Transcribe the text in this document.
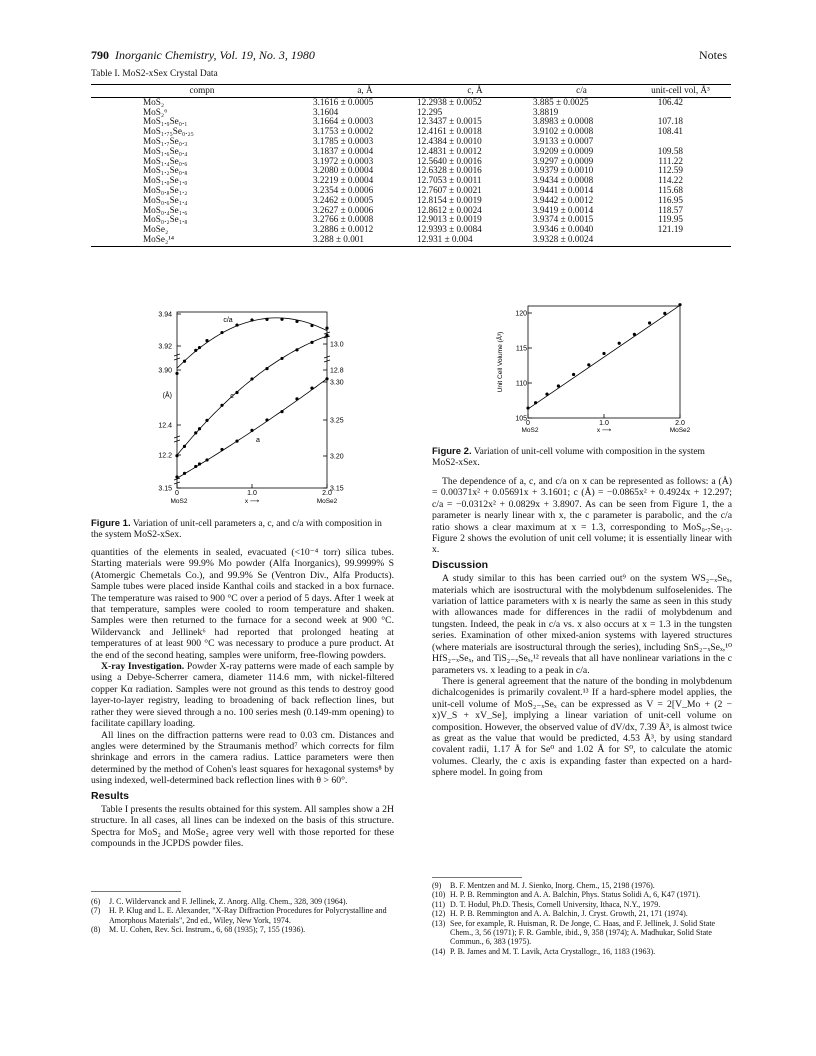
790 Inorganic Chemistry, Vol. 19, No. 3, 1980	Notes
Table I. MoS2-xSex Crystal Data
compn	a, Å	c, Å	c/a	unit-cell vol, Å³
MoS₂	3.1616 ± 0.0005	12.2938 ± 0.0052	3.885 ± 0.0025	106.42
MoS₂⁶	3.1604	12.295	3.8819	
MoS₁.₉Se₀.₁	3.1664 ± 0.0003	12.3437 ± 0.0015	3.8983 ± 0.0008	107.18
MoS₁.₇₅Se₀.₂₅	3.1753 ± 0.0002	12.4161 ± 0.0018	3.9102 ± 0.0008	108.41
MoS₁.₇Se₀.₃	3.1785 ± 0.0003	12.4384 ± 0.0010	3.9133 ± 0.0007	
MoS₁.₆Se₀.₄	3.1837 ± 0.0004	12.4831 ± 0.0012	3.9209 ± 0.0009	109.58
MoS₁.₄Se₀.₆	3.1972 ± 0.0003	12.5640 ± 0.0016	3.9297 ± 0.0009	111.22
MoS₁.₂Se₀.₈	3.2080 ± 0.0004	12.6328 ± 0.0016	3.9379 ± 0.0010	112.59
MoS₁.₀Se₁.₀	3.2219 ± 0.0004	12.7053 ± 0.0011	3.9434 ± 0.0008	114.22
MoS₀.₈Se₁.₂	3.2354 ± 0.0006	12.7607 ± 0.0021	3.9441 ± 0.0014	115.68
MoS₀.₆Se₁.₄	3.2462 ± 0.0005	12.8154 ± 0.0019	3.9442 ± 0.0012	116.95
MoS₀.₄Se₁.₆	3.2627 ± 0.0006	12.8612 ± 0.0024	3.9419 ± 0.0014	118.57
MoS₀.₂Se₁.₈	3.2766 ± 0.0008	12.9013 ± 0.0019	3.9374 ± 0.0015	119.95
MoSe₂	3.2886 ± 0.0012	12.9393 ± 0.0084	3.9346 ± 0.0040	121.19
MoSe₂¹⁴	3.288 ± 0.001	12.931 ± 0.004	3.9328 ± 0.0024	
3.94
3.92
3.90
(Å)
12.4
12.2
3.15
13.0
12.8
3.30
3.25
3.20
3.15
0	1.0	2.0
MoS2	x ⟶	MoSe2
c/a
c
a
Figure 1. Variation of unit-cell parameters a, c, and c/a with composition in the system MoS2-xSex.
120
115
110
105
Unit Cell Volume (Å³)
0	1.0	2.0
MoS2	x ⟶	MoSe2
Figure 2. Variation of unit-cell volume with composition in the system MoS2-xSex.

quantities of the elements in sealed, evacuated (<10⁻⁴ torr) silica tubes. Starting materials were 99.9% Mo powder (Alfa Inorganics), 99.9999% S (Atomergic Chemetals Co.), and 99.9% Se (Ventron Div., Alfa Products). Sample tubes were placed inside Kanthal coils and stacked in a box furnace. The temperature was raised to 900 °C over a period of 5 days. After 1 week at that temperature, samples were cooled to room temperature and shaken. Samples were then returned to the furnace for a second week at 900 °C. Wildervanck and Jellinek⁶ had reported that prolonged heating at temperatures of at least 900 °C was necessary to produce a pure product. At the end of the second heating, samples were uniform, free-flowing powders.

X-ray Investigation. Powder X-ray patterns were made of each sample by using a Debye-Scherrer camera, diameter 114.6 mm, with nickel-filtered copper Kα radiation. Samples were not ground as this tends to destroy good layer-to-layer registry, leading to broadening of back reflection lines, but rather they were sieved through a no. 100 series mesh (0.149-mm opening) to facilitate capillary loading.

All lines on the diffraction patterns were read to 0.03 cm. Distances and angles were determined by the Straumanis method⁷ which corrects for film shrinkage and errors in the camera radius. Lattice parameters were then determined by the method of Cohen's least squares for hexagonal systems⁸ by using indexed, well-determined back reflection lines with θ > 60°.

Results

Table I presents the results obtained for this system. All samples show a 2H structure. In all cases, all lines can be indexed on the basis of this structure. Spectra for MoS₂ and MoSe₂ agree very well with those reported for these compounds in the JCPDS powder files.

The dependence of a, c, and c/a on x can be represented as follows: a (Å) = 0.00371x² + 0.05691x + 3.1601; c (Å) = −0.0865x² + 0.4924x + 12.297; c/a = −0.0312x² + 0.0829x + 3.8907. As can be seen from Figure 1, the a parameter is nearly linear with x, the c parameter is parabolic, and the c/a ratio shows a clear maximum at x = 1.3, corresponding to MoS₀.₇Se₁.₃. Figure 2 shows the evolution of unit cell volume; it is essentially linear with x.

Discussion

A study similar to this has been carried out⁹ on the system WS₂₋ₓSeₓ, materials which are isostructural with the molybdenum sulfoselenides. The variation of lattice parameters with x is nearly the same as seen in this study with allowances made for differences in the radii of molybdenum and tungsten. Indeed, the peak in c/a vs. x also occurs at x = 1.3 in the tungsten series. Examination of other mixed-anion systems with layered structures (where materials are isostructural through the series), including SnS₂₋ₓSeₓ,¹⁰ HfS₂₋ₓSeₓ, and TiS₂₋ₓSeₓ,¹² reveals that all have nonlinear variations in the c parameters vs. x leading to a peak in c/a.

There is general agreement that the nature of the bonding in molybdenum dichalcogenides is primarily covalent.¹³ If a hard-sphere model applies, the unit-cell volume of MoS₂₋ₓSeₓ can be expressed as V = 2[V_Mo + (2 − x)V_S + xV_Se], implying a linear variation of unit-cell volume on composition. However, the observed value of dV/dx, 7.39 Å³, is almost twice as great as the value that would be predicted, 4.53 Å³, by using standard covalent radii, 1.17 Å for Se⁰ and 1.02 Å for S⁰, to calculate the atomic volumes. Clearly, the c axis is expanding faster than expected on a hard-sphere model. In going from

(6)	J. C. Wildervanck and F. Jellinek, Z. Anorg. Allg. Chem., 328, 309 (1964).
(7)	H. P. Klug and L. E. Alexander, "X-Ray Diffraction Procedures for Polycrystalline and Amorphous Materials", 2nd ed., Wiley, New York, 1974.
(8)	M. U. Cohen, Rev. Sci. Instrum., 6, 68 (1935); 7, 155 (1936).
(9)	B. F. Mentzen and M. J. Sienko, Inorg. Chem., 15, 2198 (1976).
(10) H. P. B. Remmington and A. A. Balchin, Phys. Status Solidi A, 6, K47 (1971).
(11) D. T. Hodul, Ph.D. Thesis, Cornell University, Ithaca, N.Y., 1979.
(12) H. P. B. Remmington and A. A. Balchin, J. Cryst. Growth, 21, 171 (1974).
(13) See, for example, R. Huisman, R. De Jonge, C. Haas, and F. Jellinek, J. Solid State Chem., 3, 56 (1971); F. R. Gamble, ibid., 9, 358 (1974); A. Madhukar, Solid State Commun., 6, 383 (1975).
(14) P. B. James and M. T. Lavik, Acta Crystallogr., 16, 1183 (1963).
